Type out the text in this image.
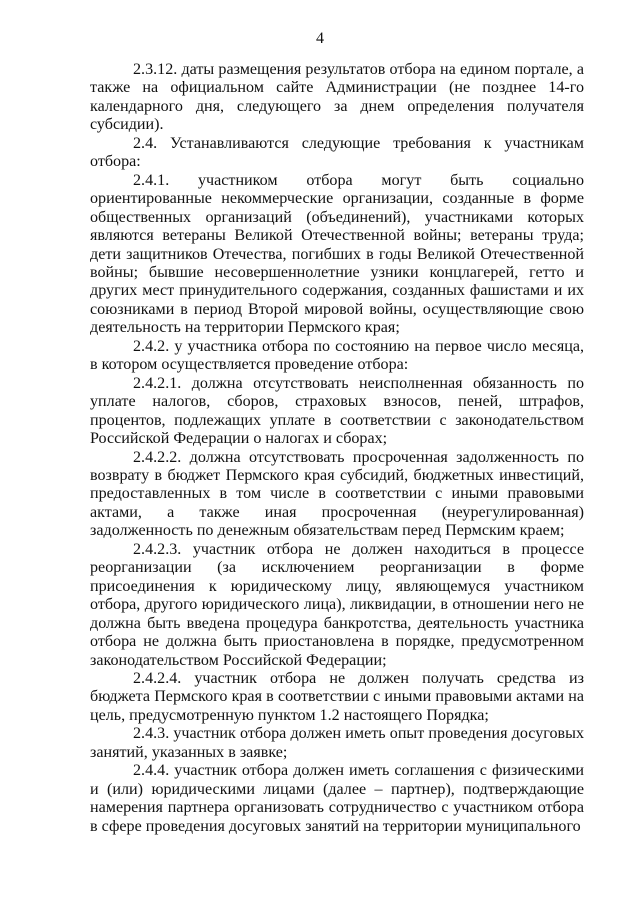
4

2.3.12. даты размещения результатов отбора на едином портале, а также на официальном сайте Администрации (не позднее 14-го календарного дня, следующего за днем определения получателя субсидии).

2.4. Устанавливаются следующие требования к участникам отбора:

2.4.1. участником отбора могут быть социально ориентированные некоммерческие организации, созданные в форме общественных организаций (объединений), участниками которых являются ветераны Великой Отечественной войны; ветераны труда; дети защитников Отечества, погибших в годы Великой Отечественной войны; бывшие несовершеннолетние узники концлагерей, гетто и других мест принудительного содержания, созданных фашистами и их союзниками в период Второй мировой войны, осуществляющие свою деятельность на территории Пермского края;

2.4.2. у участника отбора по состоянию на первое число месяца, в котором осуществляется проведение отбора:

2.4.2.1. должна отсутствовать неисполненная обязанность по уплате налогов, сборов, страховых взносов, пеней, штрафов, процентов, подлежащих уплате в соответствии с законодательством Российской Федерации о налогах и сборах;

2.4.2.2. должна отсутствовать просроченная задолженность по возврату в бюджет Пермского края субсидий, бюджетных инвестиций, предоставленных в том числе в соответствии с иными правовыми актами, а также иная просроченная (неурегулированная) задолженность по денежным обязательствам перед Пермским краем;

2.4.2.3. участник отбора не должен находиться в процессе реорганизации (за исключением реорганизации в форме присоединения к юридическому лицу, являющемуся участником отбора, другого юридического лица), ликвидации, в отношении него не должна быть введена процедура банкротства, деятельность участника отбора не должна быть приостановлена в порядке, предусмотренном законодательством Российской Федерации;

2.4.2.4. участник отбора не должен получать средства из бюджета Пермского края в соответствии с иными правовыми актами на цель, предусмотренную пунктом 1.2 настоящего Порядка;

2.4.3. участник отбора должен иметь опыт проведения досуговых занятий, указанных в заявке;

2.4.4. участник отбора должен иметь соглашения с физическими и (или) юридическими лицами (далее – партнер), подтверждающие намерения партнера организовать сотрудничество с участником отбора в сфере проведения досуговых занятий на территории муниципального
